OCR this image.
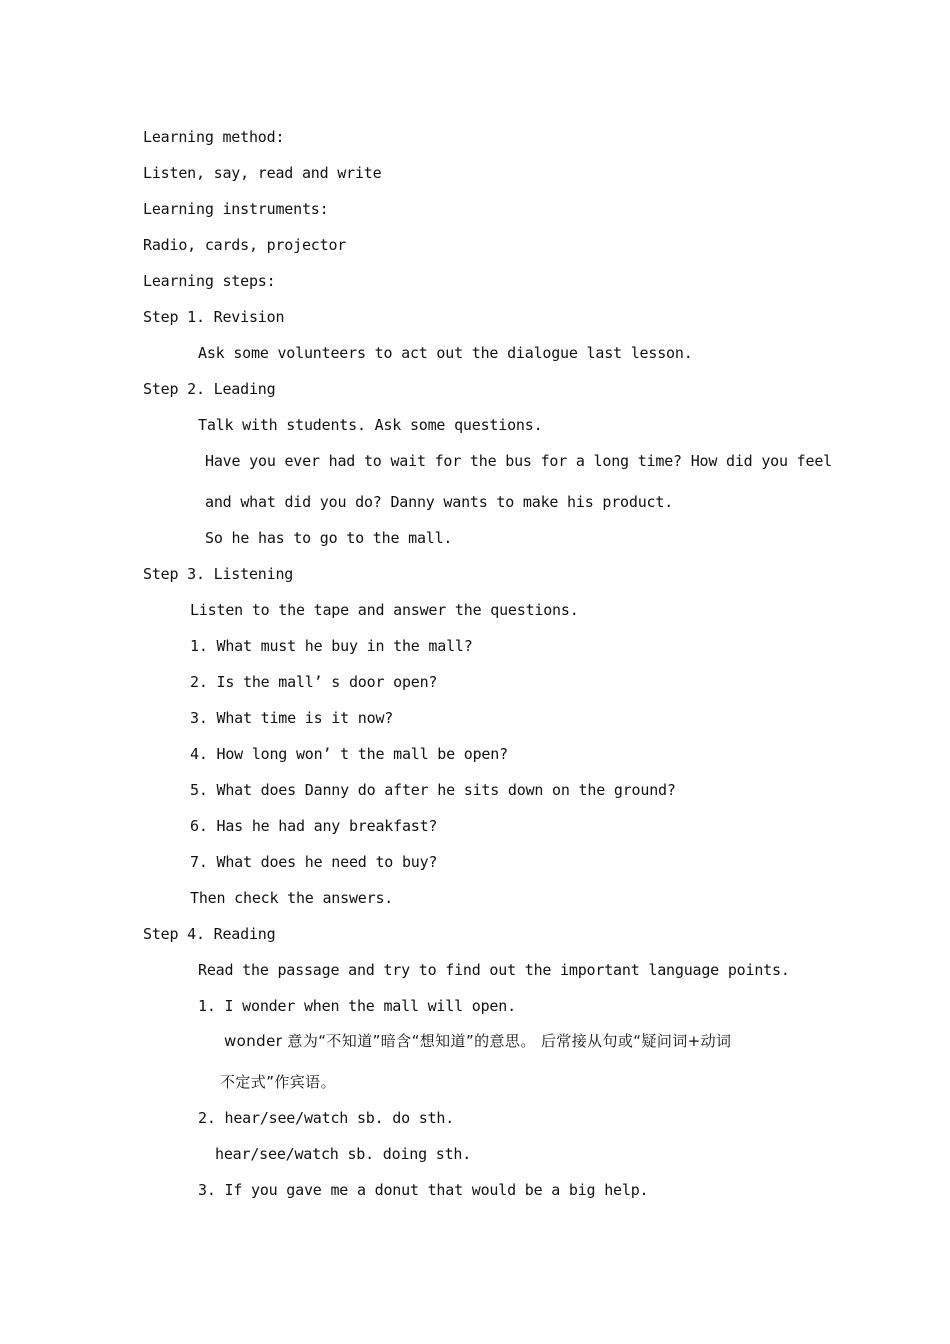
Learning method:
Listen, say, read and write
Learning instruments:
Radio, cards, projector
Learning steps:
Step 1. Revision
Ask some volunteers to act out the dialogue last lesson.
Step 2. Leading
Talk with students. Ask some questions.
Have you ever had to wait for the bus for a long time? How did you feel
and what did you do? Danny wants to make his product.
So he has to go to the mall.
Step 3. Listening
Listen to the tape and answer the questions.
1. What must he buy in the mall?
2. Is the mall’ s door open?
3. What time is it now?
4. How long won’ t the mall be open?
5. What does Danny do after he sits down on the ground?
6. Has he had any breakfast?
7. What does he need to buy?
Then check the answers.
Step 4. Reading
Read the passage and try to find out the important language points.
1. I wonder when the mall will open.
wonder 意为“不知道”暗含“想知道”的意思。 后常接从句或“疑问词+动词
不定式”作宾语。
2. hear/see/watch sb. do sth.
hear/see/watch sb. doing sth.
3. If you gave me a donut that would be a big help.
